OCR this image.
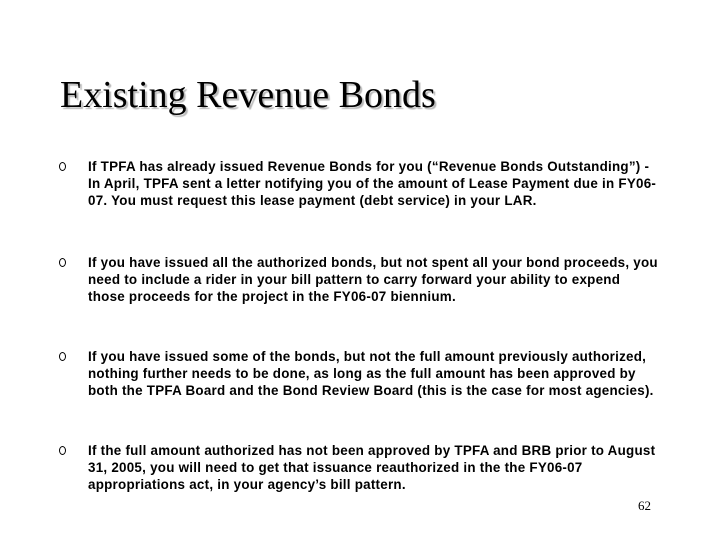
Existing Revenue Bonds

If TPFA has already issued Revenue Bonds for you (“Revenue Bonds Outstanding”) - In April, TPFA sent a letter notifying you of the amount of Lease Payment due in FY06-07. You must request this lease payment (debt service) in your LAR.

If you have issued all the authorized bonds, but not spent all your bond proceeds, you need to include a rider in your bill pattern to carry forward your ability to expend those proceeds for the project in the FY06-07 biennium.

If you have issued some of the bonds, but not the full amount previously authorized, nothing further needs to be done, as long as the full amount has been approved by both the TPFA Board and the Bond Review Board (this is the case for most agencies).

If the full amount authorized has not been approved by TPFA and BRB prior to August 31, 2005, you will need to get that issuance reauthorized in the the FY06-07 appropriations act, in your agency’s bill pattern.

62
